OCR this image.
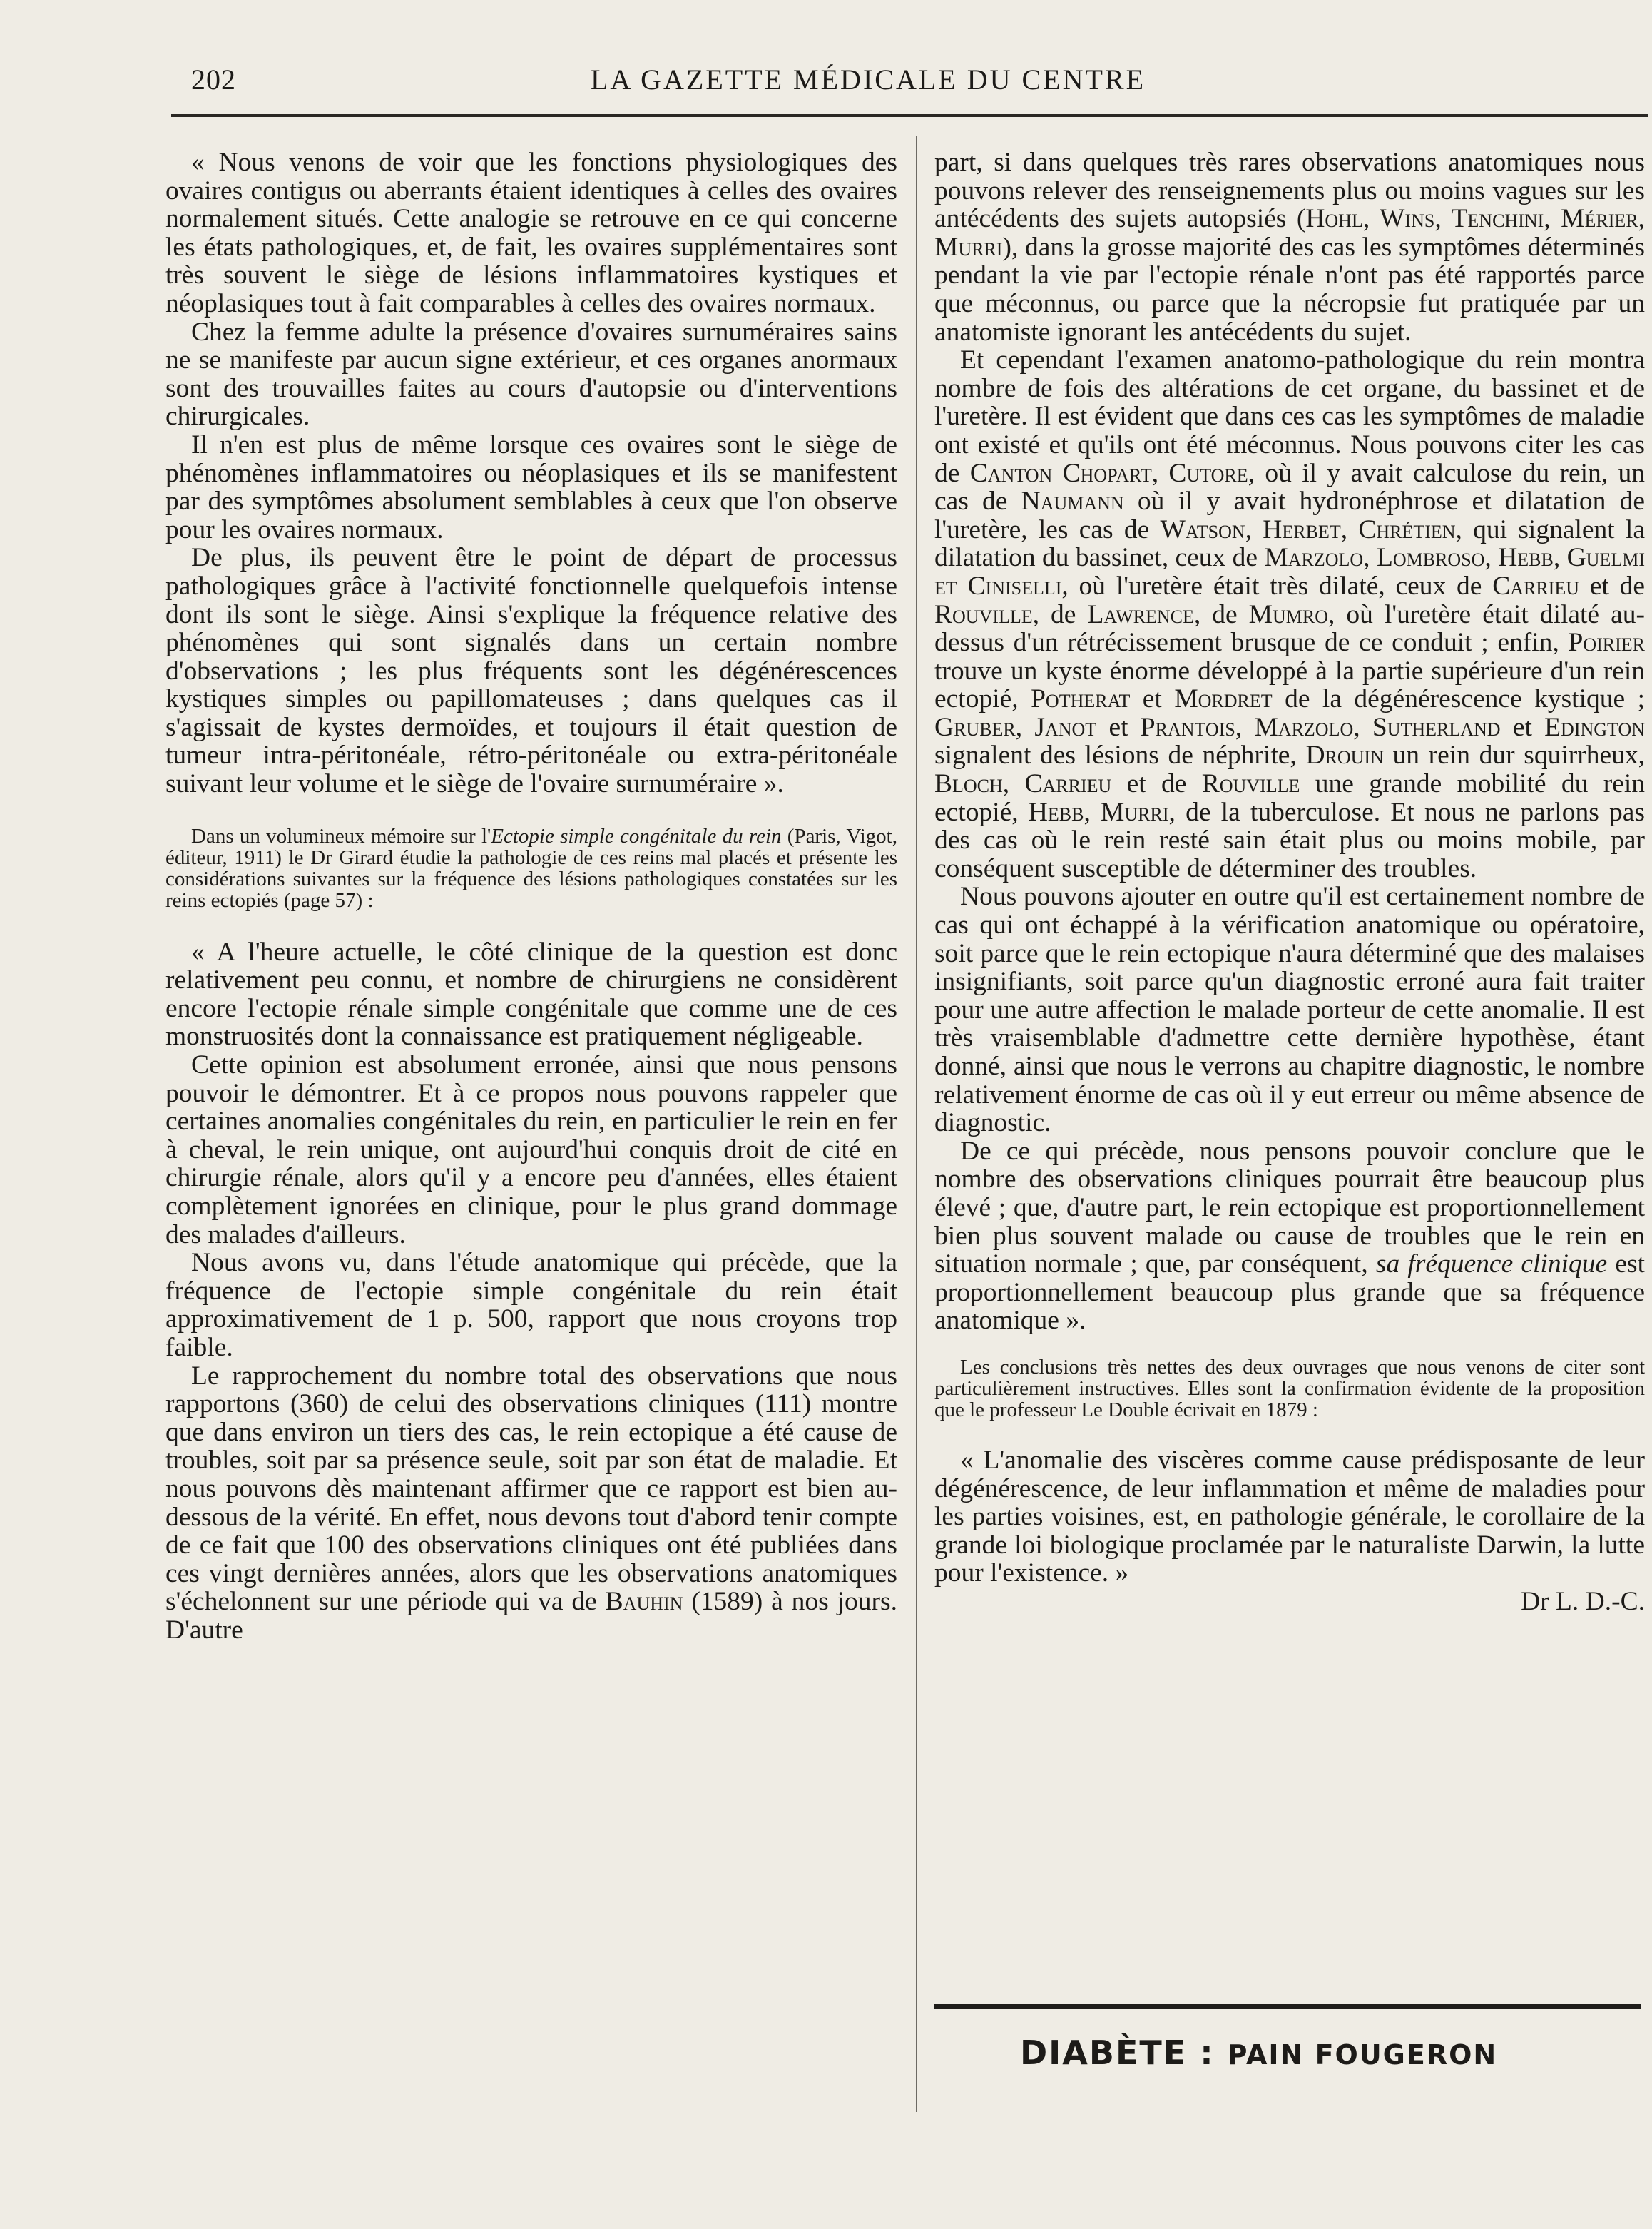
202	LA GAZETTE MÉDICALE DU CENTRE

« Nous venons de voir que les fonctions physiologiques des ovaires contigus ou aberrants étaient identiques à celles des ovaires normalement situés. Cette analogie se retrouve en ce qui concerne les états pathologiques, et, de fait, les ovaires supplémentaires sont très souvent le siège de lésions inflammatoires kystiques et néoplasiques tout à fait comparables à celles des ovaires normaux.

Chez la femme adulte la présence d'ovaires surnuméraires sains ne se manifeste par aucun signe extérieur, et ces organes anormaux sont des trouvailles faites au cours d'autopsie ou d'interventions chirurgicales.

Il n'en est plus de même lorsque ces ovaires sont le siège de phénomènes inflammatoires ou néoplasiques et ils se manifestent par des symptômes absolument semblables à ceux que l'on observe pour les ovaires normaux.

De plus, ils peuvent être le point de départ de processus pathologiques grâce à l'activité fonctionnelle quelquefois intense dont ils sont le siège. Ainsi s'explique la fréquence relative des phénomènes qui sont signalés dans un certain nombre d'observations ; les plus fréquents sont les dégénérescences kystiques simples ou papillomateuses ; dans quelques cas il s'agissait de kystes dermoïdes, et toujours il était question de tumeur intra-péritonéale, rétro-péritonéale ou extra-péritonéale suivant leur volume et le siège de l'ovaire surnuméraire ».

Dans un volumineux mémoire sur l'Ectopie simple congénitale du rein (Paris, Vigot, éditeur, 1911) le Dr Girard étudie la pathologie de ces reins mal placés et présente les considérations suivantes sur la fréquence des lésions pathologiques constatées sur les reins ectopiés (page 57) :

« A l'heure actuelle, le côté clinique de la question est donc relativement peu connu, et nombre de chirurgiens ne considèrent encore l'ectopie rénale simple congénitale que comme une de ces monstruosités dont la connaissance est pratiquement négligeable.

Cette opinion est absolument erronée, ainsi que nous pensons pouvoir le démontrer. Et à ce propos nous pouvons rappeler que certaines anomalies congénitales du rein, en particulier le rein en fer à cheval, le rein unique, ont aujourd'hui conquis droit de cité en chirurgie rénale, alors qu'il y a encore peu d'années, elles étaient complètement ignorées en clinique, pour le plus grand dommage des malades d'ailleurs.

Nous avons vu, dans l'étude anatomique qui précède, que la fréquence de l'ectopie simple congénitale du rein était approximativement de 1 p. 500, rapport que nous croyons trop faible.

Le rapprochement du nombre total des observations que nous rapportons (360) de celui des observations cliniques (111) montre que dans environ un tiers des cas, le rein ectopique a été cause de troubles, soit par sa présence seule, soit par son état de maladie. Et nous pouvons dès maintenant affirmer que ce rapport est bien au-dessous de la vérité. En effet, nous devons tout d'abord tenir compte de ce fait que 100 des observations cliniques ont été publiées dans ces vingt dernières années, alors que les observations anatomiques s'échelonnent sur une période qui va de Bauhin (1589) à nos jours. D'autre

part, si dans quelques très rares observations anatomiques nous pouvons relever des renseignements plus ou moins vagues sur les antécédents des sujets autopsiés (Hohl, Wins, Tenchini, Mérier, Murri), dans la grosse majorité des cas les symptômes déterminés pendant la vie par l'ectopie rénale n'ont pas été rapportés parce que méconnus, ou parce que la nécropsie fut pratiquée par un anatomiste ignorant les antécédents du sujet.

Et cependant l'examen anatomo-pathologique du rein montra nombre de fois des altérations de cet organe, du bassinet et de l'uretère. Il est évident que dans ces cas les symptômes de maladie ont existé et qu'ils ont été méconnus. Nous pouvons citer les cas de Canton Chopart, Cutore, où il y avait calculose du rein, un cas de Naumann où il y avait hydronéphrose et dilatation de l'uretère, les cas de Watson, Herbet, Chrétien, qui signalent la dilatation du bassinet, ceux de Marzolo, Lombroso, Hebb, Guelmi et Ciniselli, où l'uretère était très dilaté, ceux de Carrieu et de Rouville, de Lawrence, de Mumro, où l'uretère était dilaté au-dessus d'un rétrécissement brusque de ce conduit ; enfin, Poirier trouve un kyste énorme développé à la partie supérieure d'un rein ectopié, Potherat et Mordret de la dégénérescence kystique ; Gruber, Janot et Prantois, Marzolo, Sutherland et Edington signalent des lésions de néphrite, Drouin un rein dur squirrheux, Bloch, Carrieu et de Rouville une grande mobilité du rein ectopié, Hebb, Murri, de la tuberculose. Et nous ne parlons pas des cas où le rein resté sain était plus ou moins mobile, par conséquent susceptible de déterminer des troubles.

Nous pouvons ajouter en outre qu'il est certainement nombre de cas qui ont échappé à la vérification anatomique ou opératoire, soit parce que le rein ectopique n'aura déterminé que des malaises insignifiants, soit parce qu'un diagnostic erroné aura fait traiter pour une autre affection le malade porteur de cette anomalie. Il est très vraisemblable d'admettre cette dernière hypothèse, étant donné, ainsi que nous le verrons au chapitre diagnostic, le nombre relativement énorme de cas où il y eut erreur ou même absence de diagnostic.

De ce qui précède, nous pensons pouvoir conclure que le nombre des observations cliniques pourrait être beaucoup plus élevé ; que, d'autre part, le rein ectopique est proportionnellement bien plus souvent malade ou cause de troubles que le rein en situation normale ; que, par conséquent, sa fréquence clinique est proportionnellement beaucoup plus grande que sa fréquence anatomique ».

Les conclusions très nettes des deux ouvrages que nous venons de citer sont particulièrement instructives. Elles sont la confirmation évidente de la proposition que le professeur Le Double écrivait en 1879 :

« L'anomalie des viscères comme cause prédisposante de leur dégénérescence, de leur inflammation et même de maladies pour les parties voisines, est, en pathologie générale, le corollaire de la grande loi biologique proclamée par le naturaliste Darwin, la lutte pour l'existence. »

Dr L. D.-C.

DIABÈTE : PAIN FOUGERON
